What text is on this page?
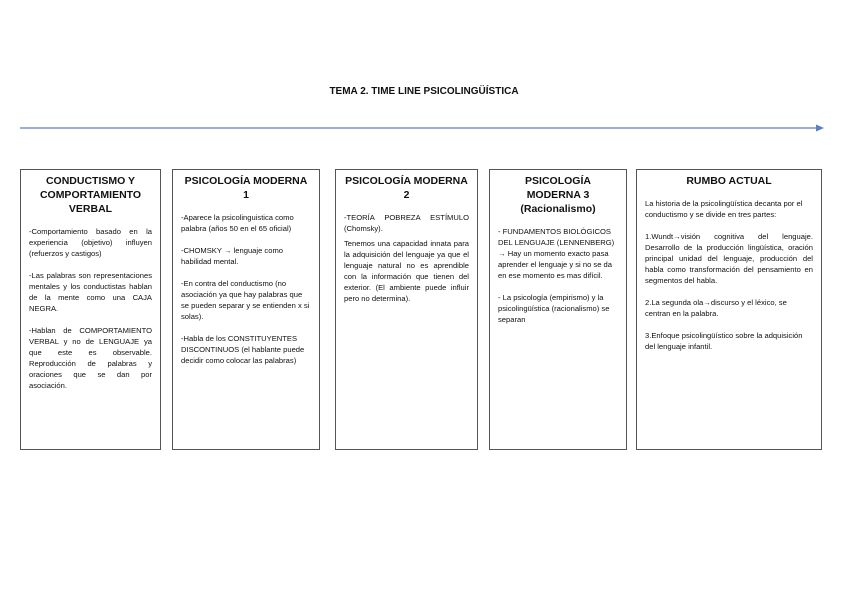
TEMA 2. TIME LINE PSICOLINGÜÍSTICA
CONDUCTISMO Y COMPORTAMIENTO VERBAL

-Comportamiento basado en la experiencia (objetivo) influyen (refuerzos y castigos)

-Las palabras son representaciones mentales y los conductistas hablan de la mente como una CAJA NEGRA.

-Hablan de COMPORTAMIENTO VERBAL y no de LENGUAJE ya que este es observable. Reproducción de palabras y oraciones que se dan por asociación.

PSICOLOGÍA MODERNA 1

-Aparece la psicolinguistica como palabra (años 50 en el 65 oficial)

-CHOMSKY → lenguaje como habilidad mental.

-En contra del conductismo (no asociación ya que hay palabras que se pueden separar y se entienden x si solas).

-Habla de los CONSTITUYENTES DISCONTINUOS (el hablante puede decidir como colocar las palabras)

PSICOLOGÍA MODERNA 2

-TEORÍA POBREZA ESTÍMULO (Chomsky).

Tenemos una capacidad innata para la adquisición del lenguaje ya que el lenguaje natural no es aprendible con la información que tienen del exterior. (El ambiente puede influir pero no determina).

PSICOLOGÍA MODERNA 3 (Racionalismo)

- FUNDAMENTOS BIOLÓGICOS DEL LENGUAJE (LENNENBERG) → Hay un momento exacto pasa aprender el lenguaje y si no se da en ese momento es mas difícil.

- La psicología (empirismo) y la psicolingüística (racionalismo) se separan

RUMBO ACTUAL

La historia de la psicolingüística decanta por el conductismo y se divide en tres partes:

1.Wundt→visión cognitiva del lenguaje. Desarrollo de la producción lingüística, oración principal unidad del lenguaje, producción del habla como transformación del pensamiento en segmentos del habla.

2.La segunda ola→discurso y el léxico, se centran en la palabra.

3.Enfoque psicolingüístico sobre la adquisición del lenguaje infantil.
